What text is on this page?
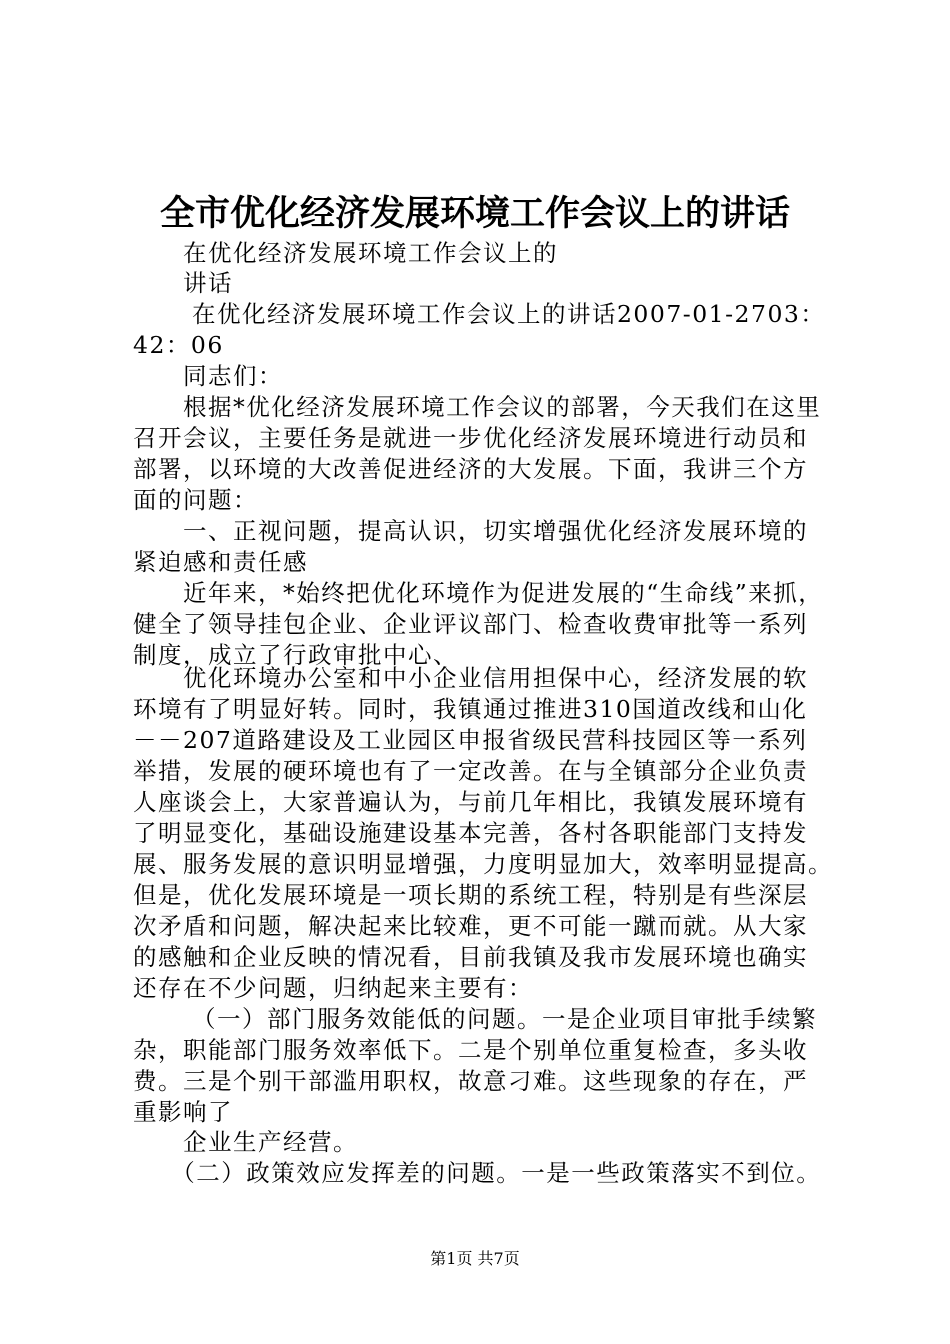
全市优化经济发展环境工作会议上的讲话
　　在优化经济发展环境工作会议上的
　　讲话
　　 在优化经济发展环境工作会议上的讲话2007-01-2703：
42：06
　　同志们：
　　根据*优化经济发展环境工作会议的部署，今天我们在这里
召开会议，主要任务是就进一步优化经济发展环境进行动员和
部署，以环境的大改善促进经济的大发展。下面，我讲三个方
面的问题：
　　一、正视问题，提高认识，切实增强优化经济发展环境的
紧迫感和责任感
　　近年来，*始终把优化环境作为促进发展的“生命线”来抓，
健全了领导挂包企业、企业评议部门、检查收费审批等一系列
制度，成立了行政审批中心、
　　优化环境办公室和中小企业信用担保中心，经济发展的软
环境有了明显好转。同时，我镇通过推进310国道改线和山化
－－207道路建设及工业园区申报省级民营科技园区等一系列
举措，发展的硬环境也有了一定改善。在与全镇部分企业负责
人座谈会上，大家普遍认为，与前几年相比，我镇发展环境有
了明显变化，基础设施建设基本完善，各村各职能部门支持发
展、服务发展的意识明显增强，力度明显加大，效率明显提高。
但是，优化发展环境是一项长期的系统工程，特别是有些深层
次矛盾和问题，解决起来比较难，更不可能一蹴而就。从大家
的感触和企业反映的情况看，目前我镇及我市发展环境也确实
还存在不少问题，归纳起来主要有：
　　 （一）部门服务效能低的问题。一是企业项目审批手续繁
杂，职能部门服务效率低下。二是个别单位重复检查，多头收
费。三是个别干部滥用职权，故意刁难。这些现象的存在，严
重影响了
　　企业生产经营。
　　（二）政策效应发挥差的问题。一是一些政策落实不到位。
第1页 共7页
